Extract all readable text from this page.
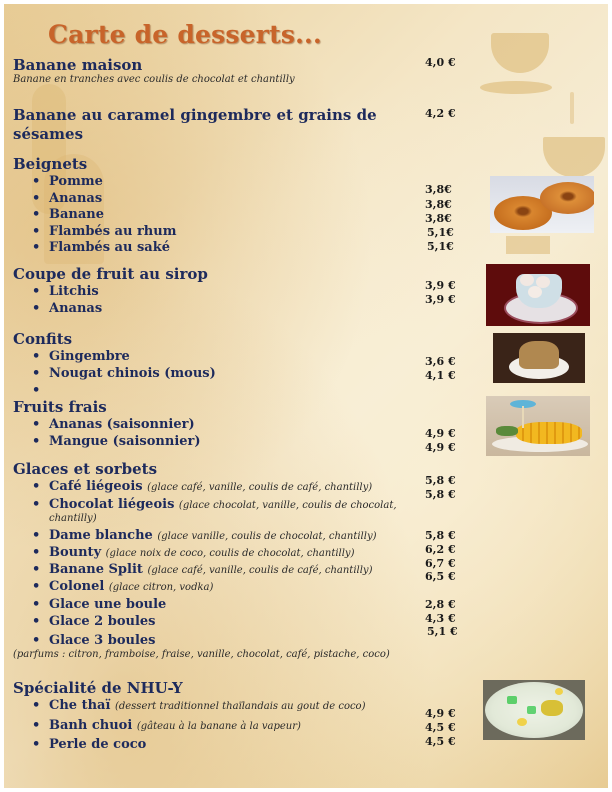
Carte de desserts...
Banane maison
Banane en tranches avec coulis de chocolat et chantilly
4,0 €
Banane au caramel gingembre et grains de
sésames
4,2 €
Beignets
• Pomme
• Ananas
• Banane
• Flambés au rhum
• Flambés au saké
3,8€
3,8€
3,8€
5,1€
5,1€
Coupe de fruit au sirop
• Litchis
• Ananas
3,9 €
3,9 €
Confits
• Gingembre
• Nougat chinois (mous)
•
3,6 €
4,1 €
Fruits frais
• Ananas (saisonnier)
• Mangue (saisonnier)
4,9 €
4,9 €
Glaces et sorbets
• Café liégeois (glace café, vanille, coulis de café, chantilly)
• Chocolat liégeois (glace chocolat, vanille, coulis de chocolat,
chantilly)
• Dame blanche (glace vanille, coulis de chocolat, chantilly)
• Bounty (glace noix de coco, coulis de chocolat, chantilly)
• Banane Split (glace café, vanille, coulis de café, chantilly)
• Colonel (glace citron, vodka)
• Glace une boule
• Glace 2 boules
• Glace 3 boules
(parfums : citron, framboise, fraise, vanille, chocolat, café, pistache, coco)
5,8 €
5,8 €
5,8 €
6,2 €
6,7 €
6,5 €
2,8 €
4,3 €
5,1 €
Spécialité de NHU-Y
• Che thaï (dessert traditionnel thaïlandais au gout de coco)
• Banh chuoi (gâteau à la banane à la vapeur)
• Perle de coco
4,9 €
4,5 €
4,5 €
